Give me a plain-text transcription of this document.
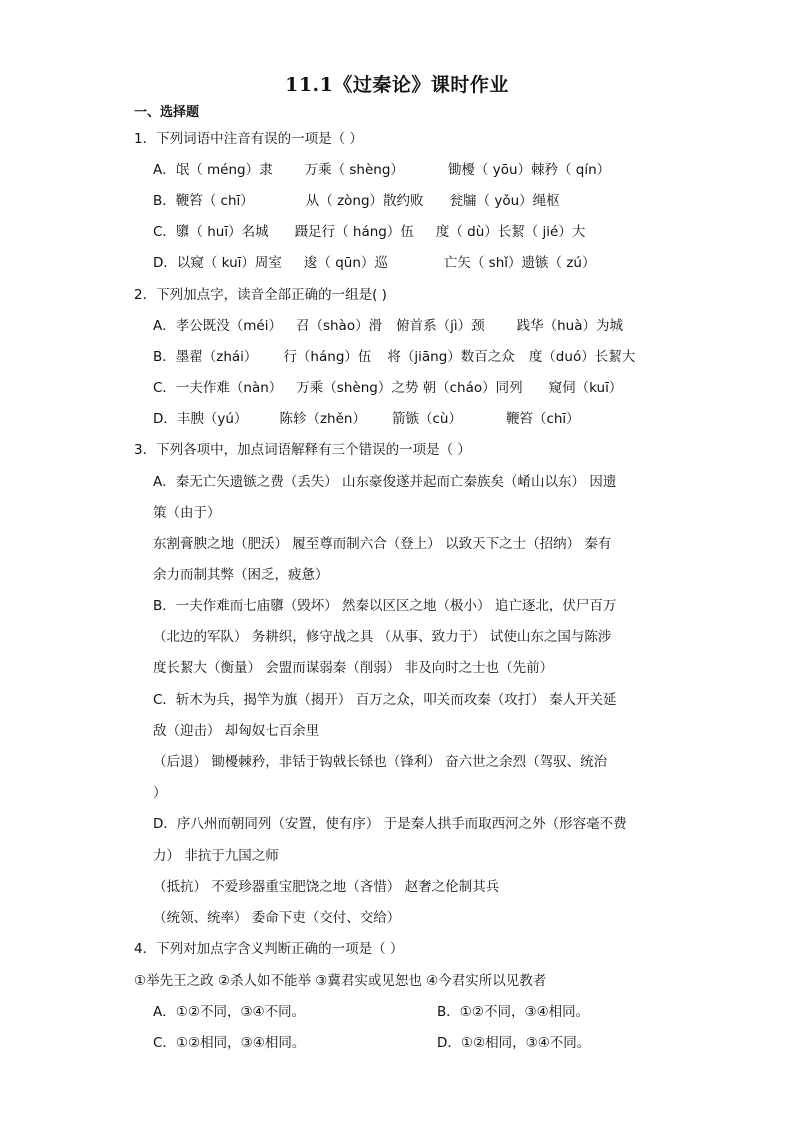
11.1《过秦论》课时作业
一、选择题
1．下列词语中注音有误的一项是（ ）
A．氓（ méng）隶 万乘（ shèng）	锄櫌（ yōu）棘矜（ qín）
B．鞭笞（ chī）	从（ zòng）散约败 瓮牖（ yǒu）绳枢
C．隳（ huī）名城 蹑足行（ háng）伍 度（ dù）长絜（ jié）大
D．以窥（ kuī）周室 逡（ qūn）巡	亡矢（ shǐ）遗镞（ zú）
2．下列加点字，读音全部正确的一组是( )
A．孝公既没（méi） 召（shào）滑 俯首系（jì）颈 践华（huà）为城
B．墨翟（zhái） 行（háng）伍 将（jiāng）数百之众 度（duó）长絜大
C．一夫作难（nàn） 万乘（shèng）之势 朝（cháo）同列 窥伺（kuī）
D．丰腴（yú） 陈轸（zhěn） 箭镞（cù）	鞭笞（chī）
3．下列各项中，加点词语解释有三个错误的一项是（ ）
A．秦无亡矢遗镞之费（丢失） 山东豪俊遂并起而亡秦族矣（崤山以东） 因遗
策（由于）
东割膏腴之地（肥沃） 履至尊而制六合（登上） 以致天下之士（招纳） 秦有
余力而制其弊（困乏，疲惫）
B．一夫作难而七庙隳（毁坏） 然秦以区区之地（极小） 追亡逐北，伏尸百万
（北边的军队） 务耕织，修守战之具 （从事、致力于） 试使山东之国与陈涉
度长絜大（衡量） 会盟而谋弱秦（削弱） 非及向时之士也（先前）
C．斩木为兵，揭竿为旗（揭开） 百万之众，叩关而攻秦（攻打） 秦人开关延
敌（迎击） 却匈奴七百余里
（后退） 锄櫌棘矜，非铦于钩戟长铩也（锋利） 奋六世之余烈（驾驭、统治
）
D．序八州而朝同列（安置，使有序） 于是秦人拱手而取西河之外（形容毫不费
力） 非抗于九国之师
（抵抗） 不爱珍器重宝肥饶之地（吝惜） 赵奢之伦制其兵
（统领、统率） 委命下吏（交付、交给）
4．下列对加点字含义判断正确的一项是（ ）
①举先王之政 ②杀人如不能举 ③冀君实或见恕也 ④今君实所以见教者
A．①②不同，③④不同。	B．①②不同，③④相同。
C．①②相同，③④相同。	D．①②相同，③④不同。
